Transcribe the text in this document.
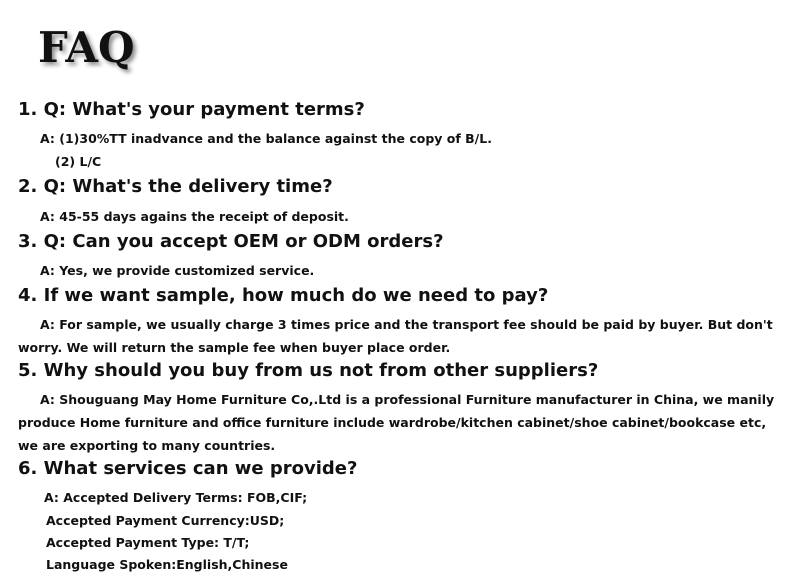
FAQ
1. Q: What's your payment terms?
A: (1)30%TT inadvance and the balance against the copy of B/L.
(2) L/C
2. Q: What's the delivery time?
A: 45-55 days agains the receipt of deposit.
3. Q: Can you accept OEM or ODM orders?
A: Yes, we provide customized service.
4. If we want sample, how much do we need to pay?
A: For sample, we usually charge 3 times price and the transport fee should be paid by buyer. But don't worry. We will return the sample fee when buyer place order.
5. Why should you buy from us not from other suppliers?
A: Shouguang May Home Furniture Co,.Ltd is a professional Furniture manufacturer in China, we manily produce Home furniture and office furniture include wardrobe/kitchen cabinet/shoe cabinet/bookcase etc, we are exporting to many countries.
6. What services can we provide?
A: Accepted Delivery Terms: FOB,CIF;
Accepted Payment Currency:USD;
Accepted Payment Type: T/T;
Language Spoken:English,Chinese
